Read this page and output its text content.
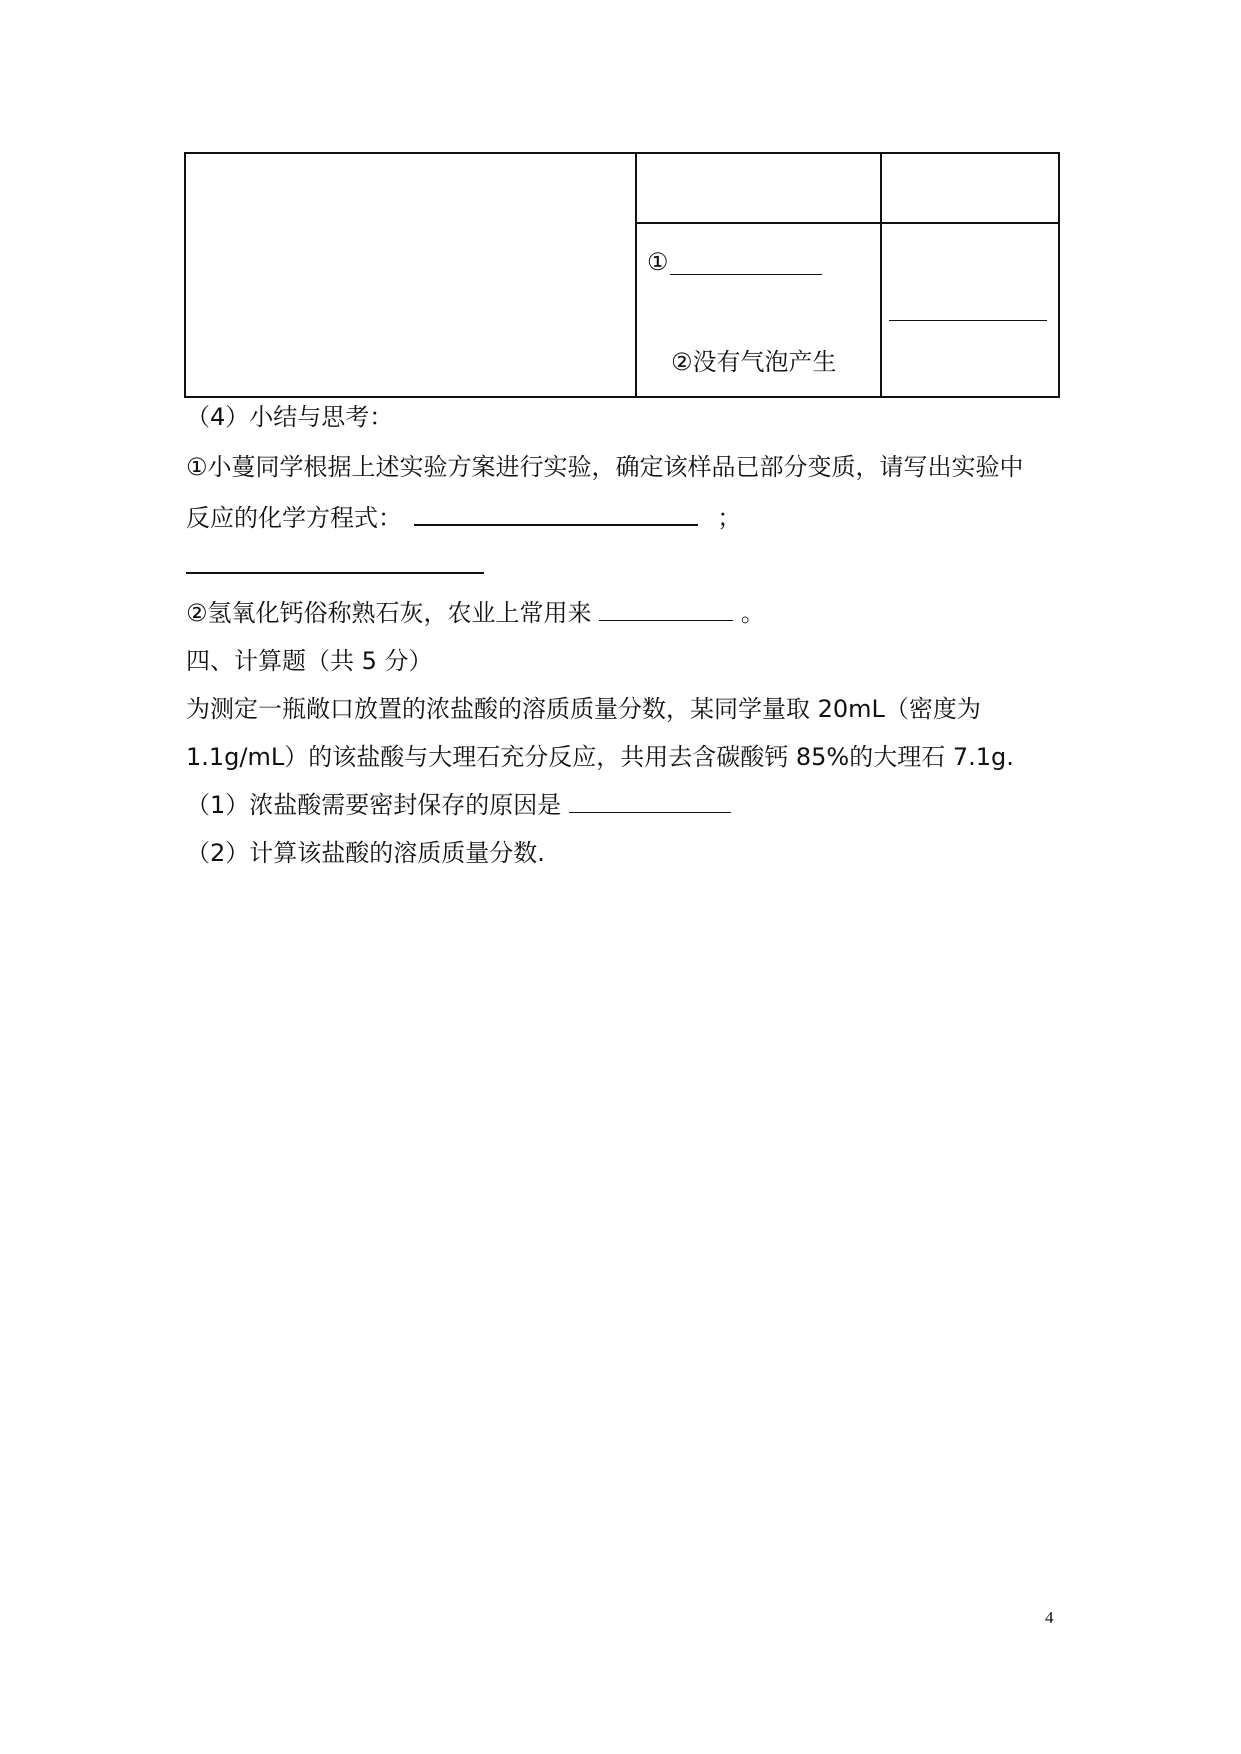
	①
②没有气泡产生	

（4）小结与思考：
①小蔓同学根据上述实验方案进行实验，确定该样品已部分变质，请写出实验中
反应的化学方程式：	；
②氢氧化钙俗称熟石灰，农业上常用来	。
四、计算题（共 5 分）
为测定一瓶敞口放置的浓盐酸的溶质质量分数，某同学量取 20mL（密度为
1.1g/mL）的该盐酸与大理石充分反应，共用去含碳酸钙 85%的大理石 7.1g.
（1）浓盐酸需要密封保存的原因是
（2）计算该盐酸的溶质质量分数.
4
